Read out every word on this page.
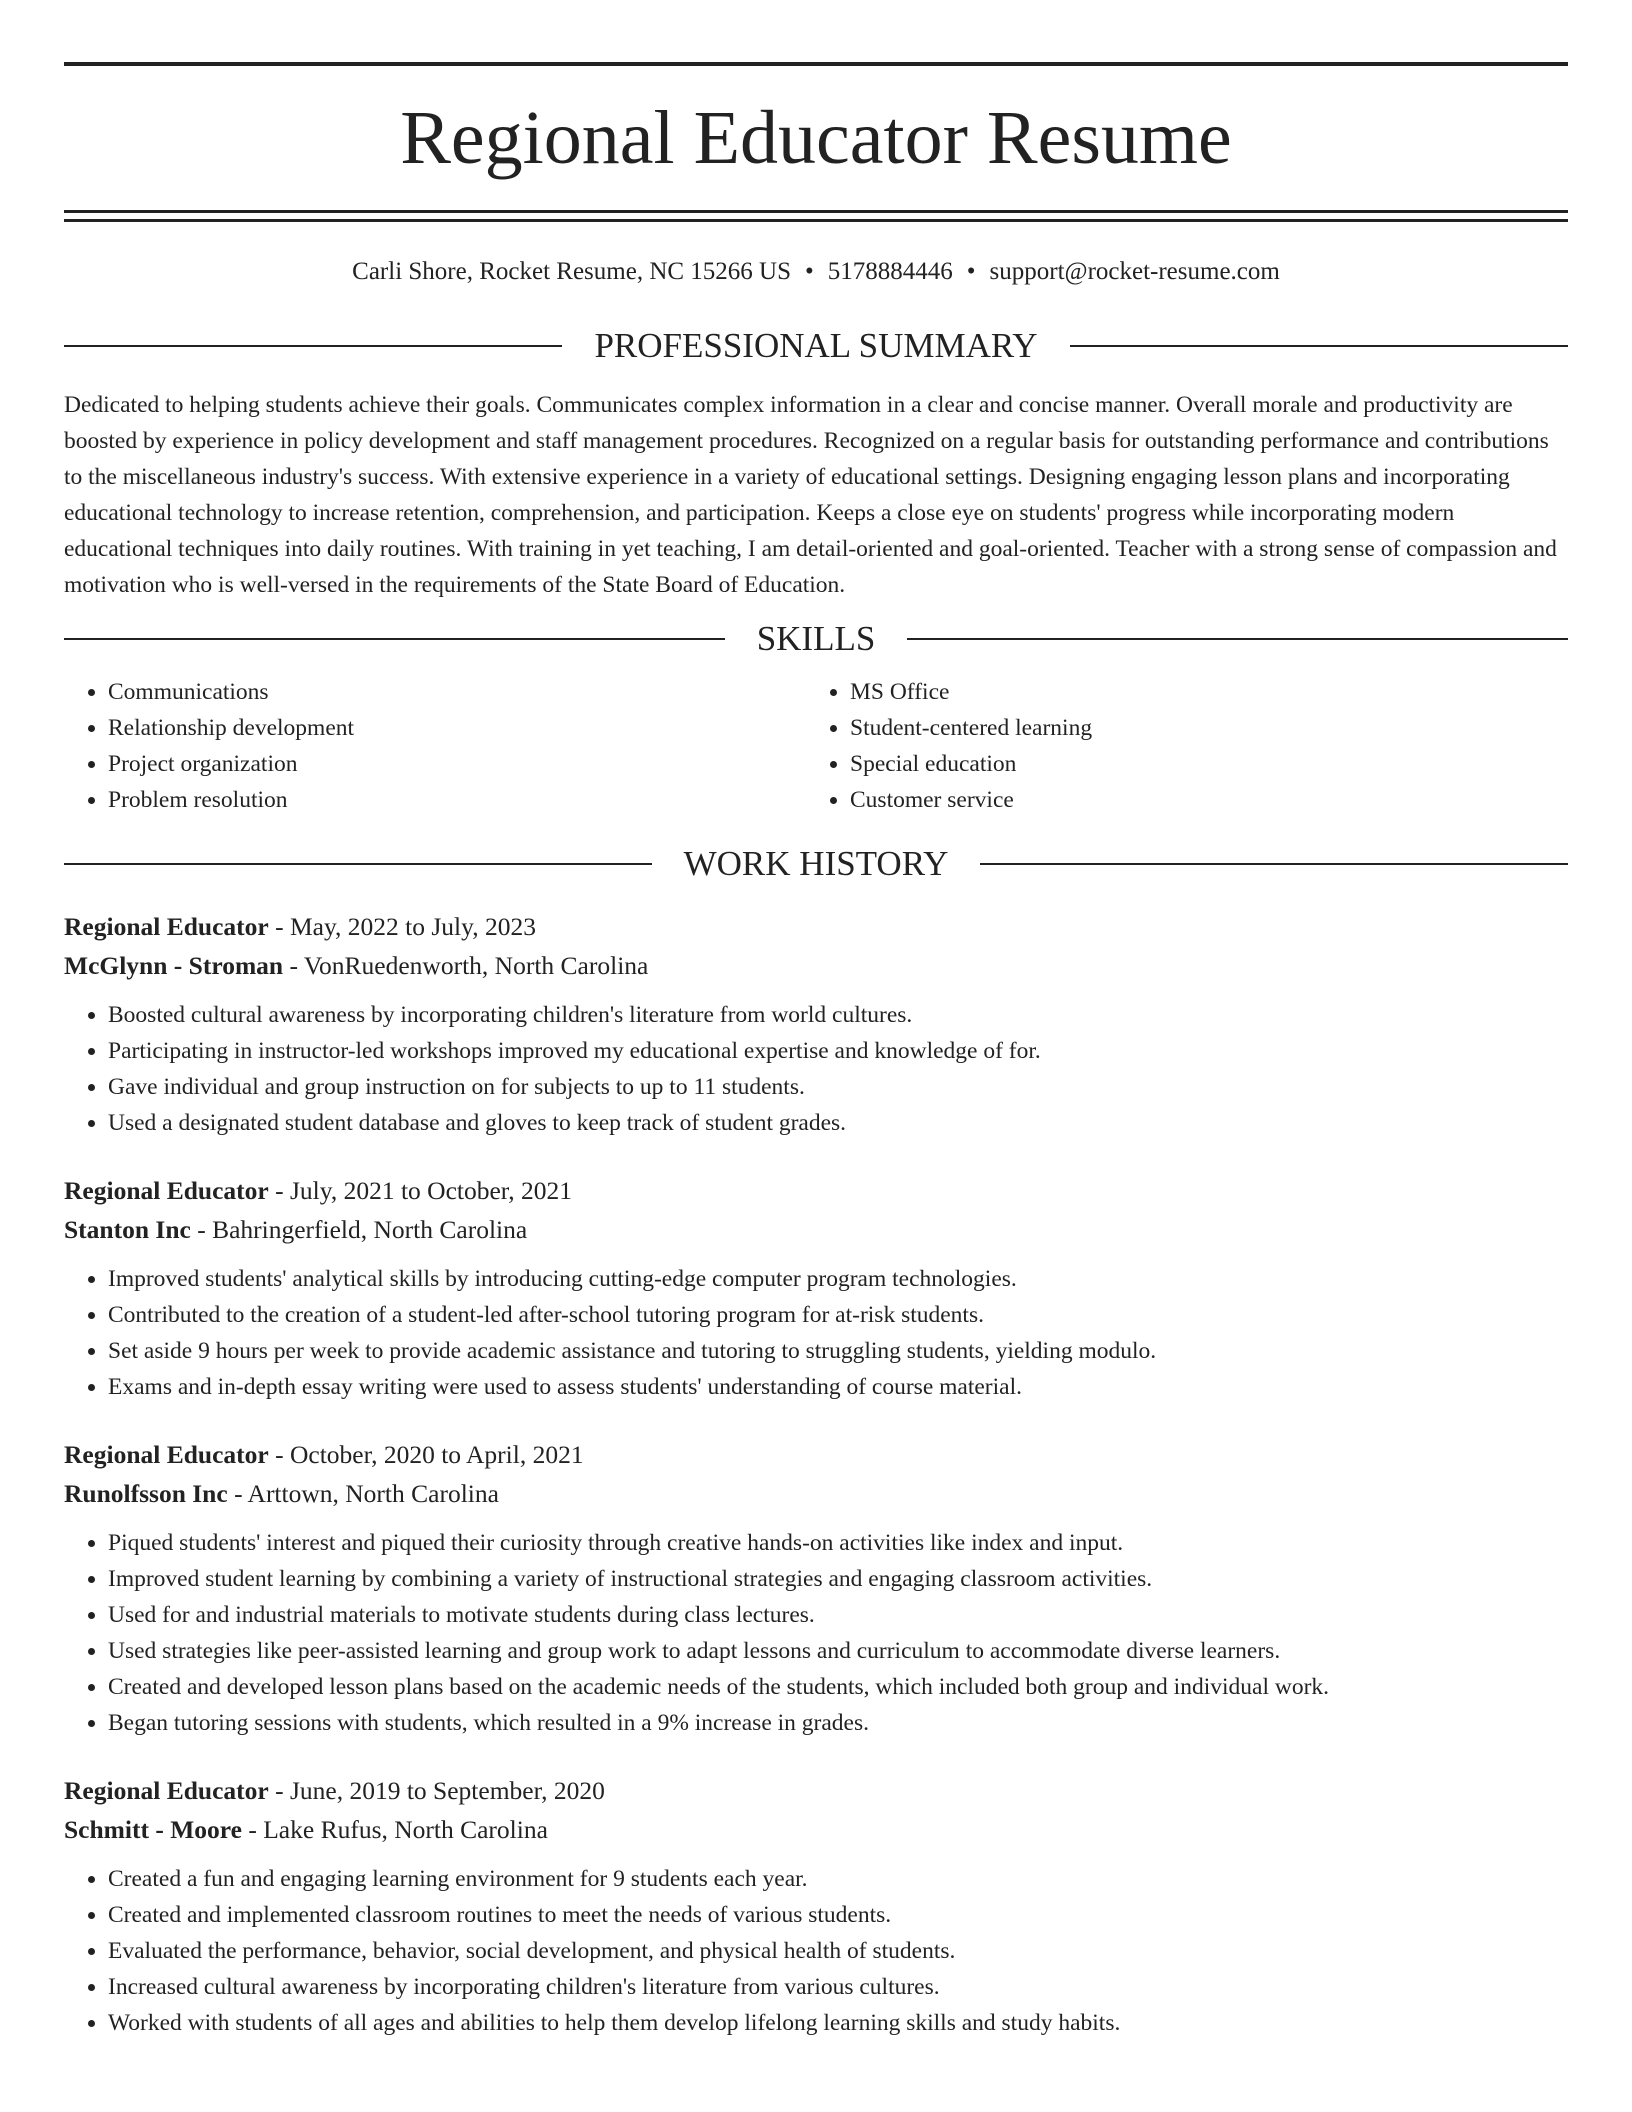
Regional Educator Resume
Carli Shore, Rocket Resume, NC 15266 US • 5178884446 • support@rocket-resume.com
PROFESSIONAL SUMMARY

Dedicated to helping students achieve their goals. Communicates complex information in a clear and concise manner. Overall morale and productivity are boosted by experience in policy development and staff management procedures. Recognized on a regular basis for outstanding performance and contributions to the miscellaneous industry's success. With extensive experience in a variety of educational settings. Designing engaging lesson plans and incorporating educational technology to increase retention, comprehension, and participation. Keeps a close eye on students' progress while incorporating modern educational techniques into daily routines. With training in yet teaching, I am detail-oriented and goal-oriented. Teacher with a strong sense of compassion and motivation who is well-versed in the requirements of the State Board of Education.

SKILLS
• Communications
• Relationship development
• Project organization
• Problem resolution
• MS Office
• Student-centered learning
• Special education
• Customer service
WORK HISTORY
Regional Educator - May, 2022 to July, 2023
McGlynn - Stroman - VonRuedenworth, North Carolina
• Boosted cultural awareness by incorporating children's literature from world cultures.
• Participating in instructor-led workshops improved my educational expertise and knowledge of for.
• Gave individual and group instruction on for subjects to up to 11 students.
• Used a designated student database and gloves to keep track of student grades.
Regional Educator - July, 2021 to October, 2021
Stanton Inc - Bahringerfield, North Carolina
• Improved students' analytical skills by introducing cutting-edge computer program technologies.
• Contributed to the creation of a student-led after-school tutoring program for at-risk students.
• Set aside 9 hours per week to provide academic assistance and tutoring to struggling students, yielding modulo.
• Exams and in-depth essay writing were used to assess students' understanding of course material.
Regional Educator - October, 2020 to April, 2021
Runolfsson Inc - Arttown, North Carolina
• Piqued students' interest and piqued their curiosity through creative hands-on activities like index and input.
• Improved student learning by combining a variety of instructional strategies and engaging classroom activities.
• Used for and industrial materials to motivate students during class lectures.
• Used strategies like peer-assisted learning and group work to adapt lessons and curriculum to accommodate diverse learners.
• Created and developed lesson plans based on the academic needs of the students, which included both group and individual work.
• Began tutoring sessions with students, which resulted in a 9% increase in grades.
Regional Educator - June, 2019 to September, 2020
Schmitt - Moore - Lake Rufus, North Carolina
• Created a fun and engaging learning environment for 9 students each year.
• Created and implemented classroom routines to meet the needs of various students.
• Evaluated the performance, behavior, social development, and physical health of students.
• Increased cultural awareness by incorporating children's literature from various cultures.
• Worked with students of all ages and abilities to help them develop lifelong learning skills and study habits.
